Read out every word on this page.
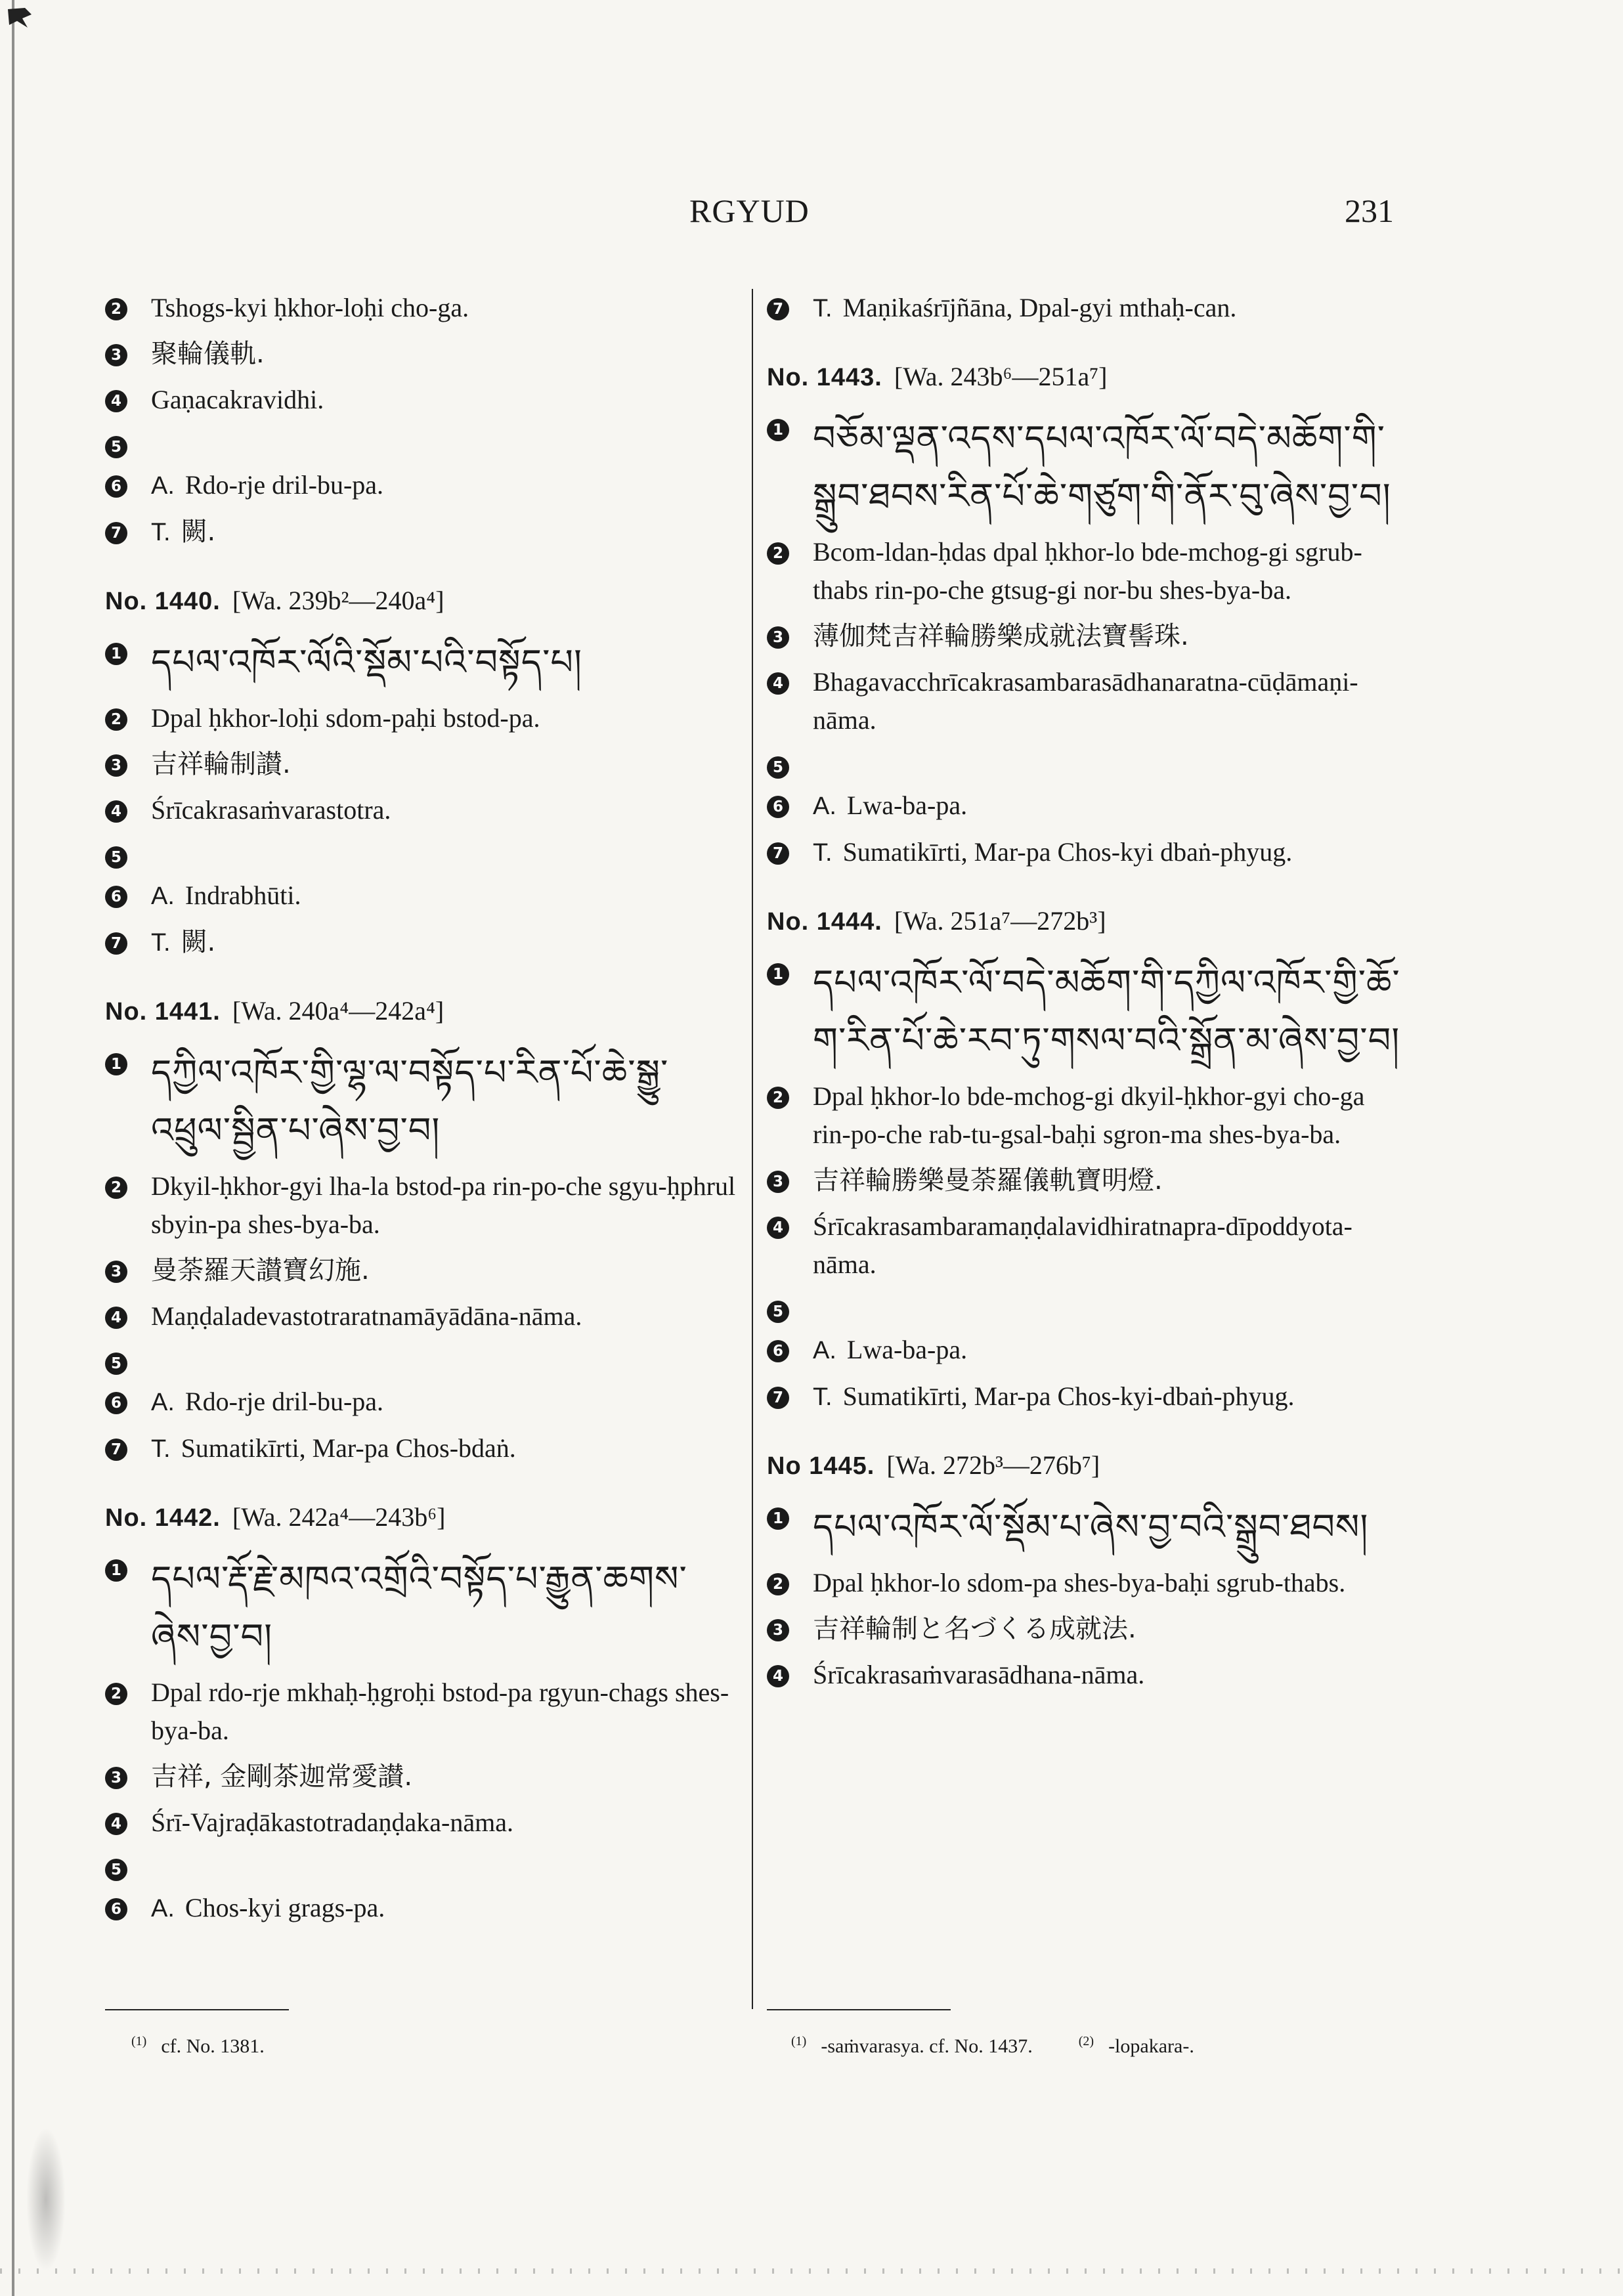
RGYUD	231
2 Tshogs-kyi ḥkhor-loḥi cho-ga.
3 聚輪儀軌.
4 Gaṇacakravidhi.
5
6 A. Rdo-rje dril-bu-pa.
7 T. 闕.
No. 1440. [Wa. 239b²—240a⁴]
1 དཔལ་འཁོར་ལོའི་སྡོམ་པའི་བསྟོད་པ།
2 Dpal ḥkhor-loḥi sdom-paḥi bstod-pa.
3 吉祥輪制讃.
4 Śrīcakrasaṁvarastotra.
5
6 A. Indrabhūti.
7 T. 闕.
No. 1441. [Wa. 240a⁴—242a⁴]
1 དཀྱིལ་འཁོར་གྱི་ལྷ་ལ་བསྟོད་པ་རིན་པོ་ཆེ་སྒྱུ་འཕྲུལ་སྦྱིན་པ་ཞེས་བྱ་བ།
2 Dkyil-ḥkhor-gyi lha-la bstod-pa rin-po-che sgyu-ḥphrul sbyin-pa shes-bya-ba.
3 曼荼羅天讃寶幻施.
4 Maṇḍaladevastotraratnamāyādāna-nāma.
5
6 A. Rdo-rje dril-bu-pa.
7 T. Sumatikīrti, Mar-pa Chos-bdaṅ.
No. 1442. [Wa. 242a⁴—243b⁶]
1 དཔལ་རྡོ་རྗེ་མཁའ་འགྲོའི་བསྟོད་པ་རྒྱུན་ཆགས་ཞེས་བྱ་བ།
2 Dpal rdo-rje mkhaḥ-ḥgroḥi bstod-pa rgyun-chags shes-bya-ba.
3 吉祥, 金剛茶迦常愛讃.
4 Śrī-Vajraḍākastotradaṇḍaka-nāma.
5
6 A. Chos-kyi grags-pa.
7 T. Maṇikaśrījñāna, Dpal-gyi mthaḥ-can.
No. 1443. [Wa. 243b⁶—251a⁷]
1 བཅོམ་ལྡན་འདས་དཔལ་འཁོར་ལོ་བདེ་མཆོག་གི་སྒྲུབ་ཐབས་རིན་པོ་ཆེ་གཙུག་གི་ནོར་བུ་ཞེས་བྱ་བ།
2 Bcom-ldan-ḥdas dpal ḥkhor-lo bde-mchog-gi sgrub-thabs rin-po-che gtsug-gi nor-bu shes-bya-ba.
3 薄伽梵吉祥輪勝樂成就法寶髻珠.
4 Bhagavacchrīcakrasambarasādhanaratna-cūḍāmaṇi-nāma.
5
6 A. Lwa-ba-pa.
7 T. Sumatikīrti, Mar-pa Chos-kyi dbaṅ-phyug.
No. 1444. [Wa. 251a⁷—272b³]
1 དཔལ་འཁོར་ལོ་བདེ་མཆོག་གི་དཀྱིལ་འཁོར་གྱི་ཆོ་ག་རིན་པོ་ཆེ་རབ་ཏུ་གསལ་བའི་སྒྲོན་མ་ཞེས་བྱ་བ།
2 Dpal ḥkhor-lo bde-mchog-gi dkyil-ḥkhor-gyi cho-ga rin-po-che rab-tu-gsal-baḥi sgron-ma shes-bya-ba.
3 吉祥輪勝樂曼荼羅儀軌寶明燈.
4 Śrīcakrasambaramaṇḍalavidhiratnapra-dīpoddyota-nāma.
5
6 A. Lwa-ba-pa.
7 T. Sumatikīrti, Mar-pa Chos-kyi-dbaṅ-phyug.
No 1445. [Wa. 272b³—276b⁷]
1 དཔལ་འཁོར་ལོ་སྡོམ་པ་ཞེས་བྱ་བའི་སྒྲུབ་ཐབས།
2 Dpal ḥkhor-lo sdom-pa shes-bya-baḥi sgrub-thabs.
3 吉祥輪制と名づくる成就法.
4 Śrīcakrasaṁvarasādhana-nāma.
$^{(1)}$ cf. No. 1381.	$^{(1)}$ -saṁvarasya. cf. No. 1437.	$^{(2)}$ -lopakara-.
